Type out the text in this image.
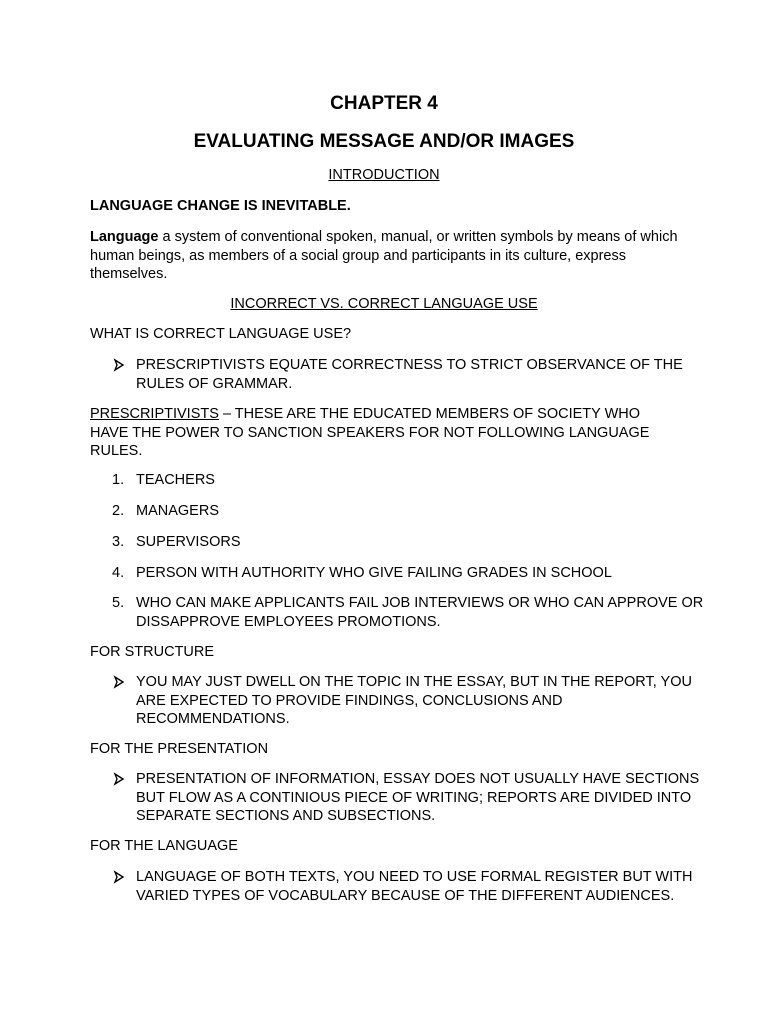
CHAPTER 4
EVALUATING MESSAGE AND/OR IMAGES

INTRODUCTION

LANGUAGE CHANGE IS INEVITABLE.

Language a system of conventional spoken, manual, or written symbols by means of which human beings, as members of a social group and participants in its culture, express themselves.

INCORRECT VS. CORRECT LANGUAGE USE

WHAT IS CORRECT LANGUAGE USE?

PRESCRIPTIVISTS EQUATE CORRECTNESS TO STRICT OBSERVANCE OF THE RULES OF GRAMMAR.

PRESCRIPTIVISTS – THESE ARE THE EDUCATED MEMBERS OF SOCIETY WHO HAVE THE POWER TO SANCTION SPEAKERS FOR NOT FOLLOWING LANGUAGE RULES.

1. TEACHERS
2. MANAGERS
3. SUPERVISORS
4. PERSON WITH AUTHORITY WHO GIVE FAILING GRADES IN SCHOOL
5. WHO CAN MAKE APPLICANTS FAIL JOB INTERVIEWS OR WHO CAN APPROVE OR DISSAPPROVE EMPLOYEES PROMOTIONS.

FOR STRUCTURE

YOU MAY JUST DWELL ON THE TOPIC IN THE ESSAY, BUT IN THE REPORT, YOU ARE EXPECTED TO PROVIDE FINDINGS, CONCLUSIONS AND RECOMMENDATIONS.

FOR THE PRESENTATION

PRESENTATION OF INFORMATION, ESSAY DOES NOT USUALLY HAVE SECTIONS BUT FLOW AS A CONTINIOUS PIECE OF WRITING; REPORTS ARE DIVIDED INTO SEPARATE SECTIONS AND SUBSECTIONS.

FOR THE LANGUAGE

LANGUAGE OF BOTH TEXTS, YOU NEED TO USE FORMAL REGISTER BUT WITH VARIED TYPES OF VOCABULARY BECAUSE OF THE DIFFERENT AUDIENCES.
